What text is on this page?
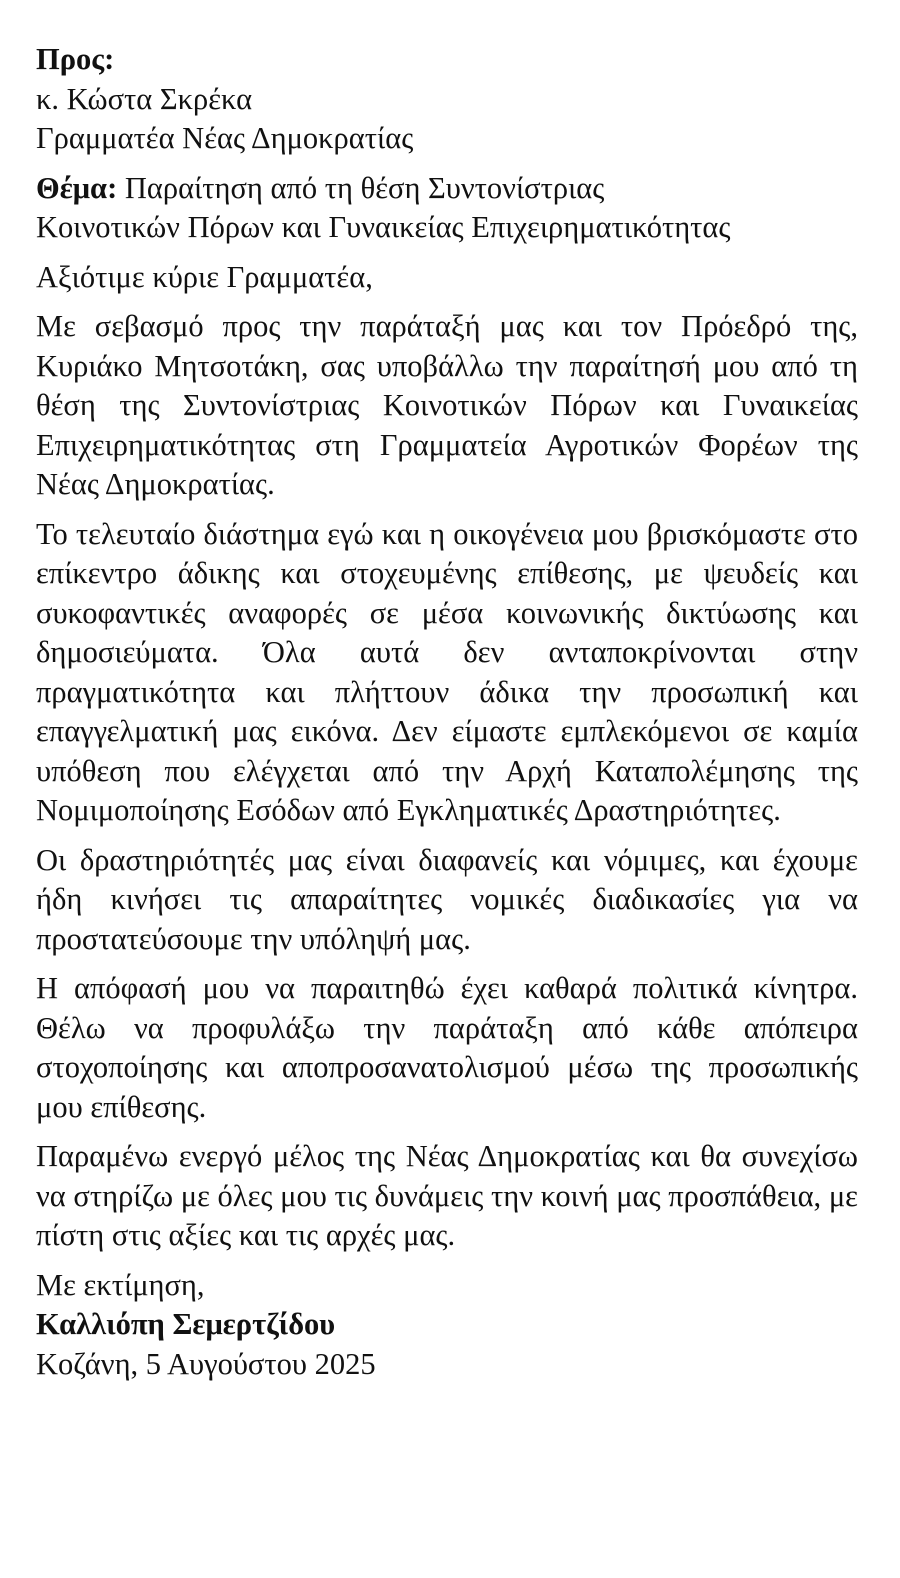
Προς:
κ. Κώστα Σκρέκα
Γραμματέα Νέας Δημοκρατίας
Θέμα: Παραίτηση από τη θέση Συντονίστριας
Κοινοτικών Πόρων και Γυναικείας Επιχειρηματικότητας

Αξιότιμε κύριε Γραμματέα,

Με σεβασμό προς την παράταξή μας και τον Πρόεδρό της, Κυριάκο Μητσοτάκη, σας υποβάλλω την παραίτησή μου από τη θέση της Συντονίστριας Κοινοτικών Πόρων και Γυναικείας Επιχειρηματικότητας στη Γραμματεία Αγροτικών Φορέων της Νέας Δημοκρατίας.

Το τελευταίο διάστημα εγώ και η οικογένεια μου βρισκόμαστε στο επίκεντρο άδικης και στοχευμένης επίθεσης, με ψευδείς και συκοφαντικές αναφορές σε μέσα κοινωνικής δικτύωσης και δημοσιεύματα. Όλα αυτά δεν ανταποκρίνονται στην πραγματικότητα και πλήττουν άδικα την προσωπική και επαγγελματική μας εικόνα. Δεν είμαστε εμπλεκόμενοι σε καμία υπόθεση που ελέγχεται από την Αρχή Καταπολέμησης της Νομιμοποίησης Εσόδων από Εγκληματικές Δραστηριότητες.

Οι δραστηριότητές μας είναι διαφανείς και νόμιμες, και έχουμε ήδη κινήσει τις απαραίτητες νομικές διαδικασίες για να προστατεύσουμε την υπόληψή μας.

Η απόφασή μου να παραιτηθώ έχει καθαρά πολιτικά κίνητρα. Θέλω να προφυλάξω την παράταξη από κάθε απόπειρα στοχοποίησης και αποπροσανατολισμού μέσω της προσωπικής μου επίθεσης.

Παραμένω ενεργό μέλος της Νέας Δημοκρατίας και θα συνεχίσω να στηρίζω με όλες μου τις δυνάμεις την κοινή μας προσπάθεια, με πίστη στις αξίες και τις αρχές μας.

Με εκτίμηση,
Καλλιόπη Σεμερτζίδου
Κοζάνη, 5 Αυγούστου 2025
